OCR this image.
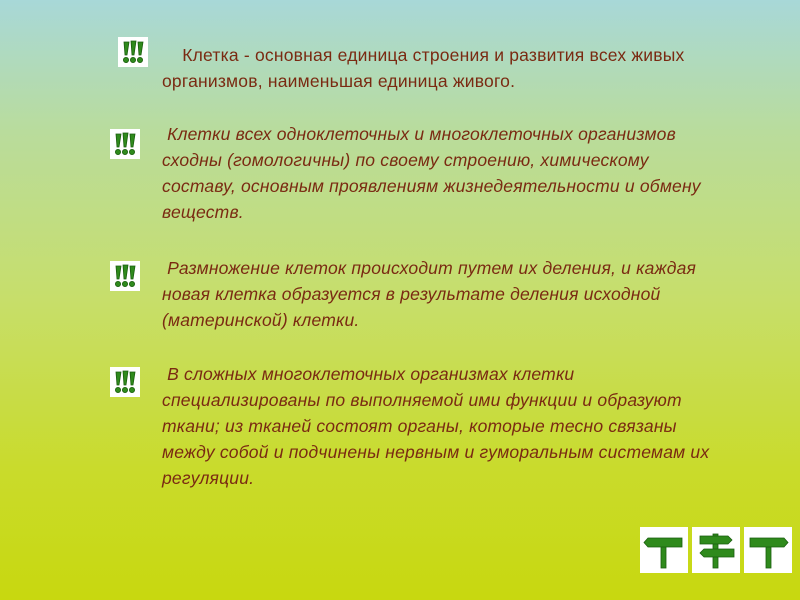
Клетка - основная единица строения и развития всех живых организмов, наименьшая единица живого.
Клетки всех одноклеточных и многоклеточных организмов сходны (гомологичны) по своему строению, химическому составу, основным проявлениям жизнедеятельности и обмену веществ.
Размножение клеток происходит путем их деления, и каждая новая клетка образуется в результате деления исходной (материнской) клетки.
В сложных многоклеточных организмах клетки специализированы по выполняемой ими функции и образуют ткани; из тканей состоят органы, которые тесно связаны между собой и подчинены нервным и гуморальным системам их регуляции.
